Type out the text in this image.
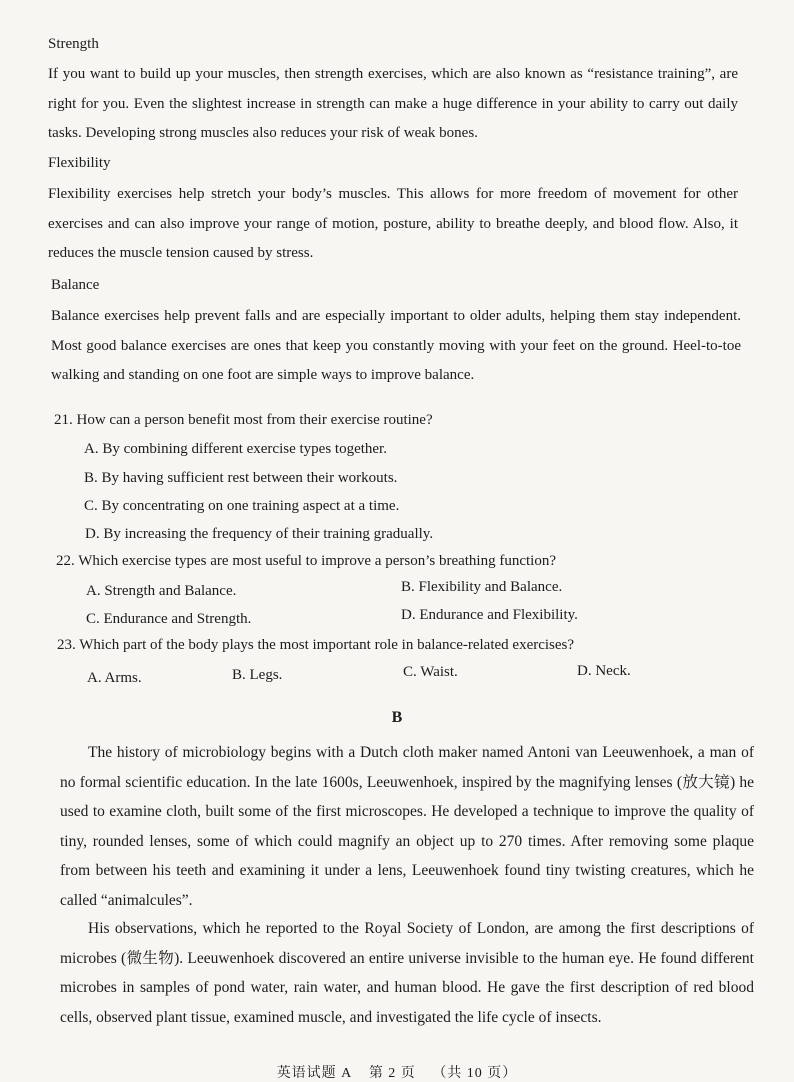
Strength
If you want to build up your muscles, then strength exercises, which are also known as “resistance training”, are right for you. Even the slightest increase in strength can make a huge difference in your ability to carry out daily tasks. Developing strong muscles also reduces your risk of weak bones.
Flexibility
Flexibility exercises help stretch your body’s muscles. This allows for more freedom of movement for other exercises and can also improve your range of motion, posture, ability to breathe deeply, and blood flow. Also, it reduces the muscle tension caused by stress.
Balance
Balance exercises help prevent falls and are especially important to older adults, helping them stay independent. Most good balance exercises are ones that keep you constantly moving with your feet on the ground. Heel-to-toe walking and standing on one foot are simple ways to improve balance.
21. How can a person benefit most from their exercise routine?
A. By combining different exercise types together.
B. By having sufficient rest between their workouts.
C. By concentrating on one training aspect at a time.
D. By increasing the frequency of their training gradually.
22. Which exercise types are most useful to improve a person’s breathing function?
A. Strength and Balance.	B. Flexibility and Balance.
C. Endurance and Strength.	D. Endurance and Flexibility.
23. Which part of the body plays the most important role in balance-related exercises?
A. Arms.	B. Legs.	C. Waist.	D. Neck.
B
The history of microbiology begins with a Dutch cloth maker named Antoni van Leeuwenhoek, a man of no formal scientific education. In the late 1600s, Leeuwenhoek, inspired by the magnifying lenses (放大镜) he used to examine cloth, built some of the first microscopes. He developed a technique to improve the quality of tiny, rounded lenses, some of which could magnify an object up to 270 times. After removing some plaque from between his teeth and examining it under a lens, Leeuwenhoek found tiny twisting creatures, which he called “animalcules”.
His observations, which he reported to the Royal Society of London, are among the first descriptions of microbes (微生物). Leeuwenhoek discovered an entire universe invisible to the human eye. He found different microbes in samples of pond water, rain water, and human blood. He gave the first description of red blood cells, observed plant tissue, examined muscle, and investigated the life cycle of insects.
英语试题 A 第 2 页 （共 10 页）
